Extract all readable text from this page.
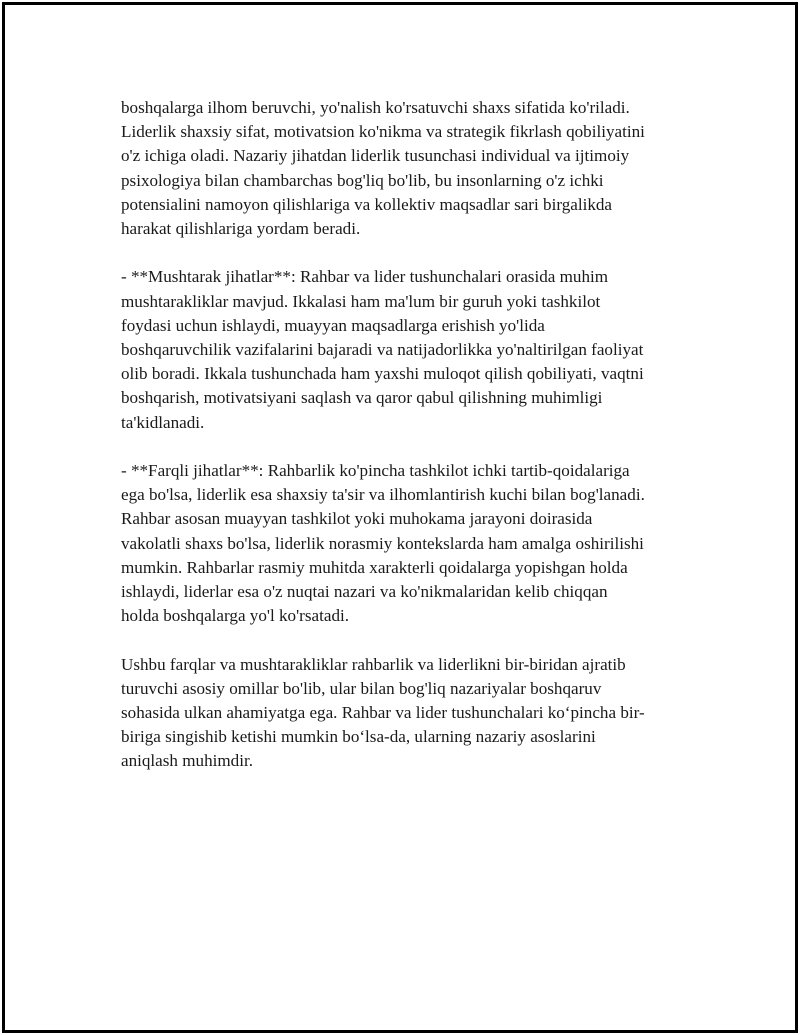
boshqalarga ilhom beruvchi, yo'nalish ko'rsatuvchi shaxs sifatida ko'riladi.
Liderlik shaxsiy sifat, motivatsion ko'nikma va strategik fikrlash qobiliyatini
o'z ichiga oladi. Nazariy jihatdan liderlik tusunchasi individual va ijtimoiy
psixologiya bilan chambarchas bog'liq bo'lib, bu insonlarning o'z ichki
potensialini namoyon qilishlariga va kollektiv maqsadlar sari birgalikda
harakat qilishlariga yordam beradi.

- **Mushtarak jihatlar**: Rahbar va lider tushunchalari orasida muhim
mushtarakliklar mavjud. Ikkalasi ham ma'lum bir guruh yoki tashkilot
foydasi uchun ishlaydi, muayyan maqsadlarga erishish yo'lida
boshqaruvchilik vazifalarini bajaradi va natijadorlikka yo'naltirilgan faoliyat
olib boradi. Ikkala tushunchada ham yaxshi muloqot qilish qobiliyati, vaqtni
boshqarish, motivatsiyani saqlash va qaror qabul qilishning muhimligi
ta'kidlanadi.

- **Farqli jihatlar**: Rahbarlik ko'pincha tashkilot ichki tartib-qoidalariga
ega bo'lsa, liderlik esa shaxsiy ta'sir va ilhomlantirish kuchi bilan bog'lanadi.
Rahbar asosan muayyan tashkilot yoki muhokama jarayoni doirasida
vakolatli shaxs bo'lsa, liderlik norasmiy kontekslarda ham amalga oshirilishi
mumkin. Rahbarlar rasmiy muhitda xarakterli qoidalarga yopishgan holda
ishlaydi, liderlar esa o'z nuqtai nazari va ko'nikmalaridan kelib chiqqan
holda boshqalarga yo'l ko'rsatadi.

Ushbu farqlar va mushtarakliklar rahbarlik va liderlikni bir-biridan ajratib
turuvchi asosiy omillar bo'lib, ular bilan bog'liq nazariyalar boshqaruv
sohasida ulkan ahamiyatga ega. Rahbar va lider tushunchalari ko‘pincha bir-
biriga singishib ketishi mumkin bo‘lsa-da, ularning nazariy asoslarini
aniqlash muhimdir.
